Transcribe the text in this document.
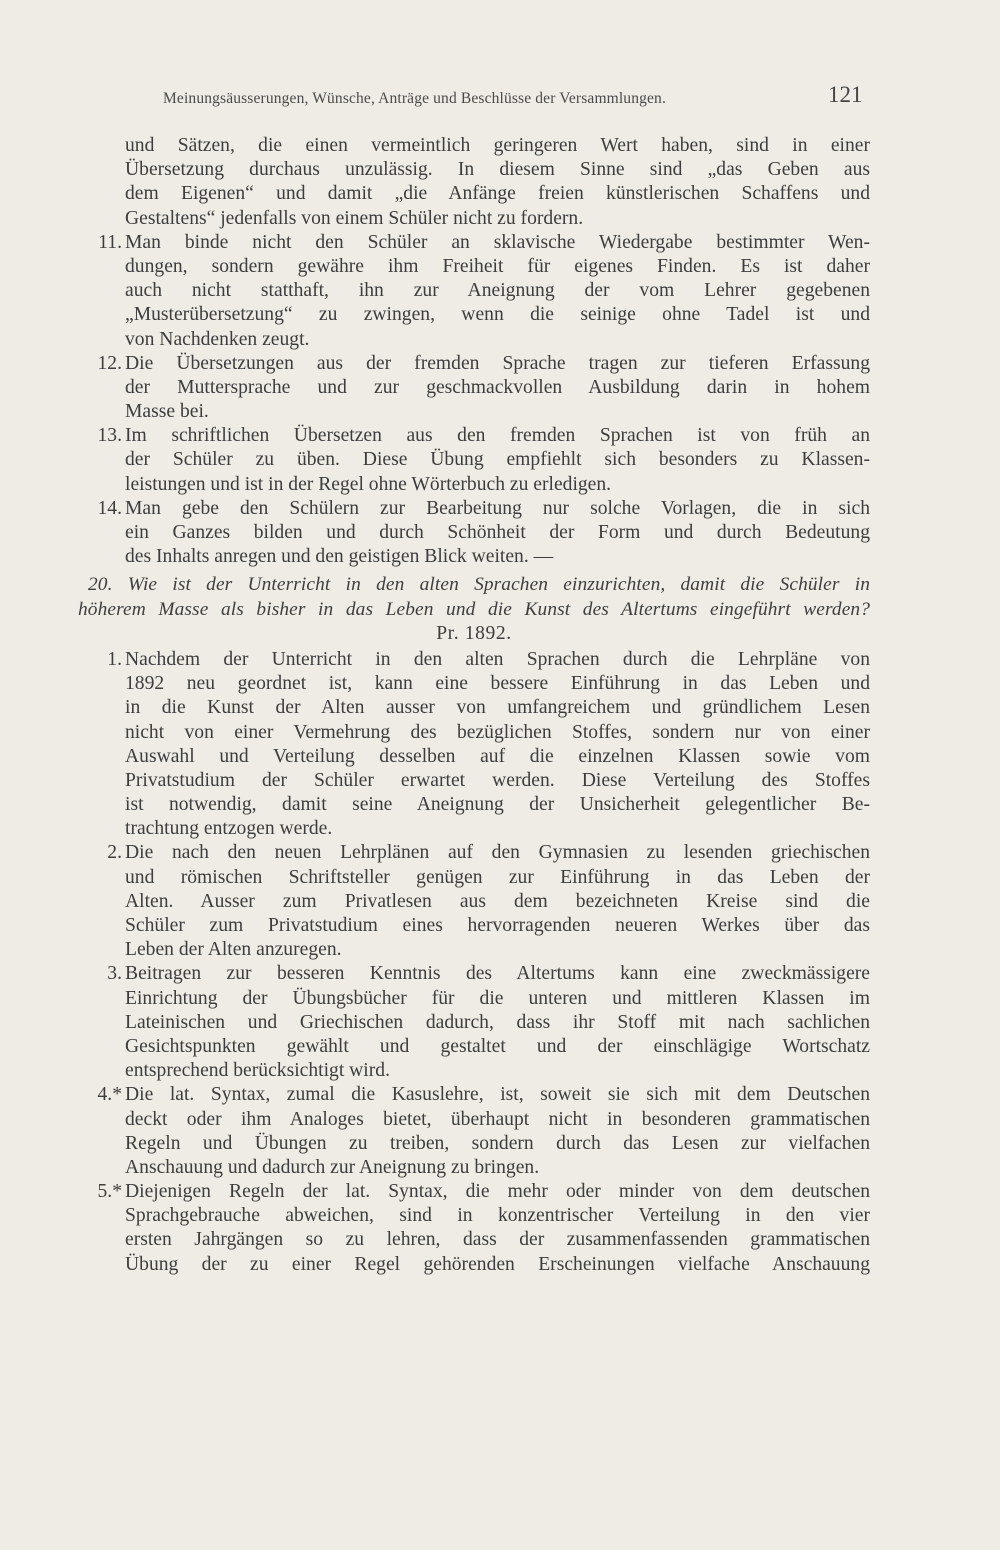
Meinungsäusserungen, Wünsche, Anträge und Beschlüsse der Versammlungen.	121
und Sätzen, die einen vermeintlich geringeren Wert haben, sind in einer
Übersetzung durchaus unzulässig. In diesem Sinne sind „das Geben aus
dem Eigenen“ und damit „die Anfänge freien künstlerischen Schaffens und
Gestaltens“ jedenfalls von einem Schüler nicht zu fordern.
11. Man binde nicht den Schüler an sklavische Wiedergabe bestimmter Wen-
dungen, sondern gewähre ihm Freiheit für eigenes Finden. Es ist daher
auch nicht statthaft, ihn zur Aneignung der vom Lehrer gegebenen
„Musterübersetzung“ zu zwingen, wenn die seinige ohne Tadel ist und
von Nachdenken zeugt.
12. Die Übersetzungen aus der fremden Sprache tragen zur tieferen Erfassung
der Muttersprache und zur geschmackvollen Ausbildung darin in hohem
Masse bei.
13. Im schriftlichen Übersetzen aus den fremden Sprachen ist von früh an
der Schüler zu üben. Diese Übung empfiehlt sich besonders zu Klassen-
leistungen und ist in der Regel ohne Wörterbuch zu erledigen.
14. Man gebe den Schülern zur Bearbeitung nur solche Vorlagen, die in sich
ein Ganzes bilden und durch Schönheit der Form und durch Bedeutung
des Inhalts anregen und den geistigen Blick weiten. —
20. Wie ist der Unterricht in den alten Sprachen einzurichten, damit die Schüler in
höherem Masse als bisher in das Leben und die Kunst des Altertums eingeführt werden?
Pr. 1892.
1. Nachdem der Unterricht in den alten Sprachen durch die Lehrpläne von
1892 neu geordnet ist, kann eine bessere Einführung in das Leben und
in die Kunst der Alten ausser von umfangreichem und gründlichem Lesen
nicht von einer Vermehrung des bezüglichen Stoffes, sondern nur von einer
Auswahl und Verteilung desselben auf die einzelnen Klassen sowie vom
Privatstudium der Schüler erwartet werden. Diese Verteilung des Stoffes
ist notwendig, damit seine Aneignung der Unsicherheit gelegentlicher Be-
trachtung entzogen werde.
2. Die nach den neuen Lehrplänen auf den Gymnasien zu lesenden griechischen
und römischen Schriftsteller genügen zur Einführung in das Leben der
Alten. Ausser zum Privatlesen aus dem bezeichneten Kreise sind die
Schüler zum Privatstudium eines hervorragenden neueren Werkes über das
Leben der Alten anzuregen.
3. Beitragen zur besseren Kenntnis des Altertums kann eine zweckmässigere
Einrichtung der Übungsbücher für die unteren und mittleren Klassen im
Lateinischen und Griechischen dadurch, dass ihr Stoff mit nach sachlichen
Gesichtspunkten gewählt und gestaltet und der einschlägige Wortschatz
entsprechend berücksichtigt wird.
4.* Die lat. Syntax, zumal die Kasuslehre, ist, soweit sie sich mit dem Deutschen
deckt oder ihm Analoges bietet, überhaupt nicht in besonderen grammatischen
Regeln und Übungen zu treiben, sondern durch das Lesen zur vielfachen
Anschauung und dadurch zur Aneignung zu bringen.
5.* Diejenigen Regeln der lat. Syntax, die mehr oder minder von dem deutschen
Sprachgebrauche abweichen, sind in konzentrischer Verteilung in den vier
ersten Jahrgängen so zu lehren, dass der zusammenfassenden grammatischen
Übung der zu einer Regel gehörenden Erscheinungen vielfache Anschauung
